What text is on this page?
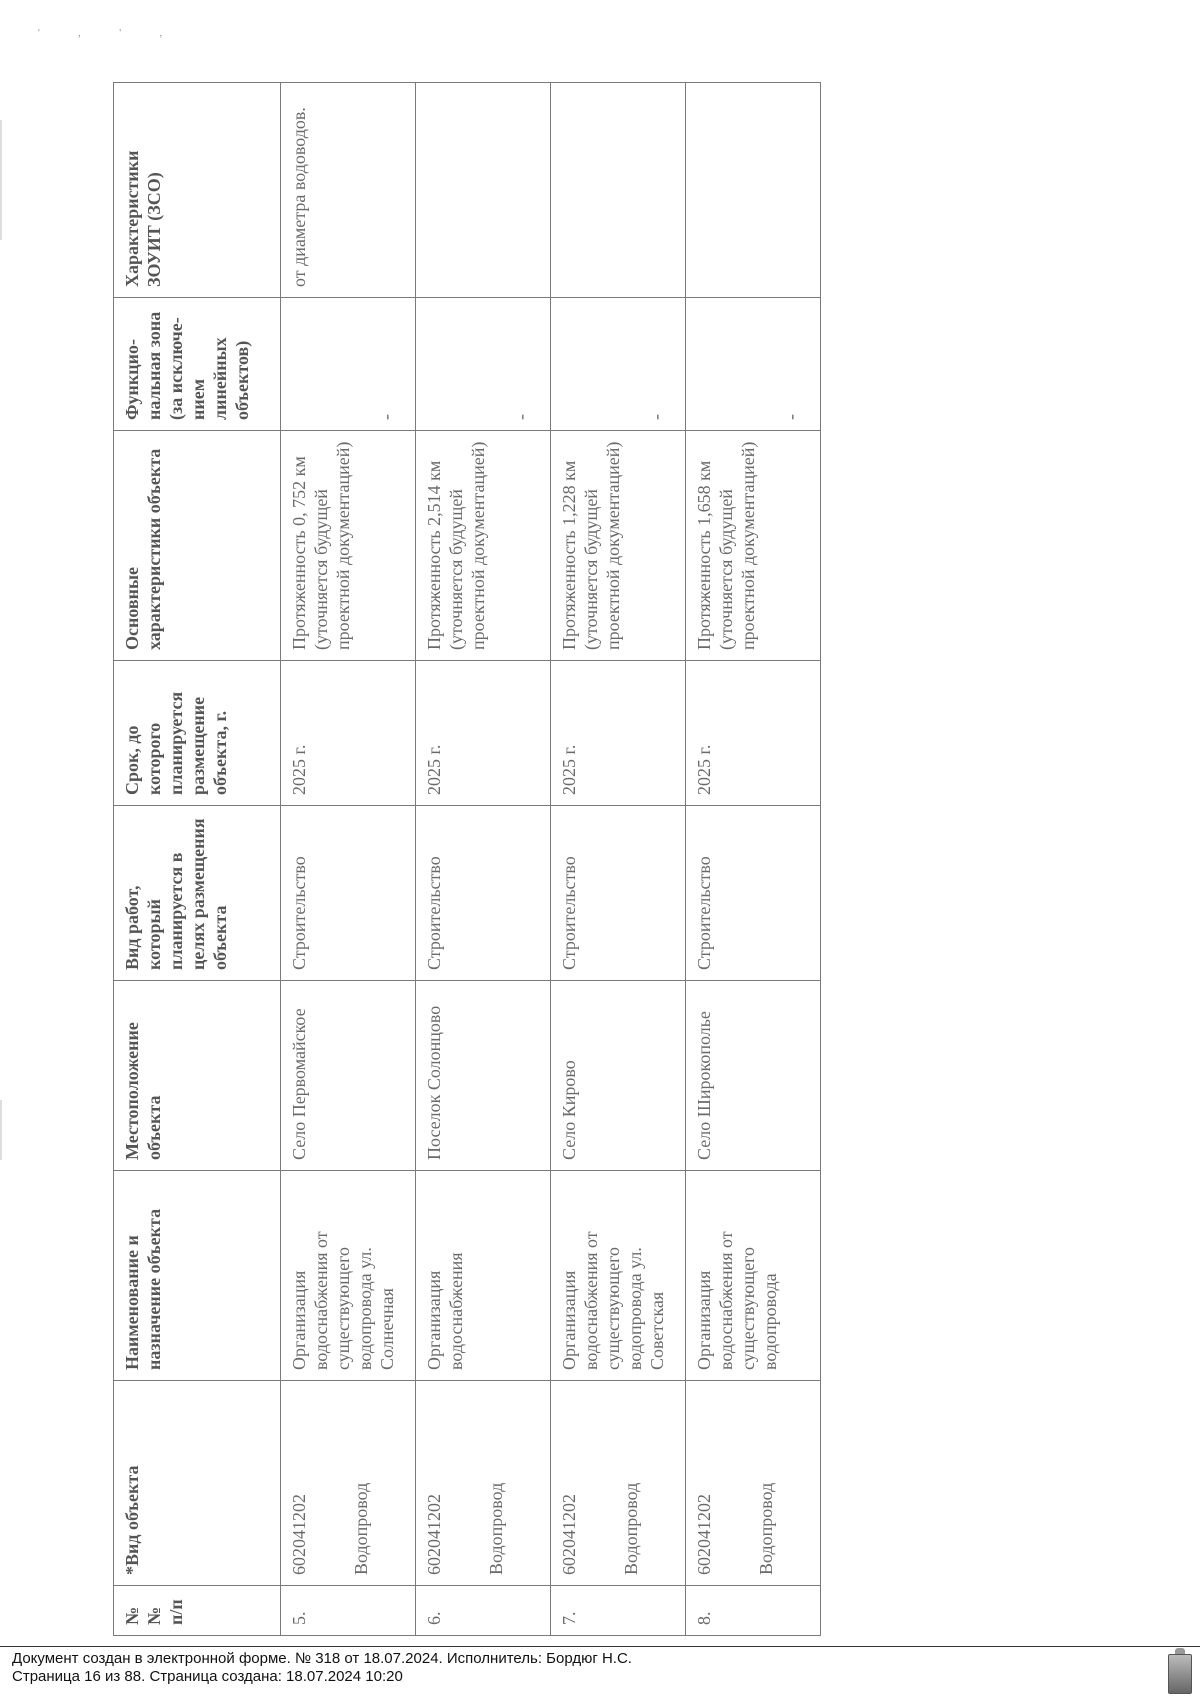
' , ' ,
№ № п/п	*Вид объекта	Наименование и назначение объекта	Местоположение объекта	Вид работ, который планируется в целях размещения объекта	Срок, до которого планируется размещение объекта, г.	Основные характеристики объекта	Функцио-нальная зона (за исключе-нием линейных объектов)	Характеристики ЗОУИТ (ЗСО)
5.	602041202 Водопровод	Организация водоснабжения от существующего водопровода ул. Солнечная	Село Первомайское	Строительство	2025 г.	Протяженность 0, 752 км (уточняется будущей проектной документацией)	-	от диаметра водоводов.
6.	602041202 Водопровод	Организация водоснабжения	Поселок Солонцово	Строительство	2025 г.	Протяженность 2,514 км (уточняется будущей проектной документацией)	-	
7.	602041202 Водопровод	Организация водоснабжения от существующего водопровода ул. Советская	Село Кирово	Строительство	2025 г.	Протяженность 1,228 км (уточняется будущей проектной документацией)	-	
8.	602041202 Водопровод	Организация водоснабжения от существующего водопровода	Село Широкополье	Строительство	2025 г.	Протяженность 1,658 км (уточняется будущей проектной документацией)	-	
Документ создан в электронной форме. № 318 от 18.07.2024. Исполнитель: Бордюг Н.С.
Страница 16 из 88. Страница создана: 18.07.2024 10:20
